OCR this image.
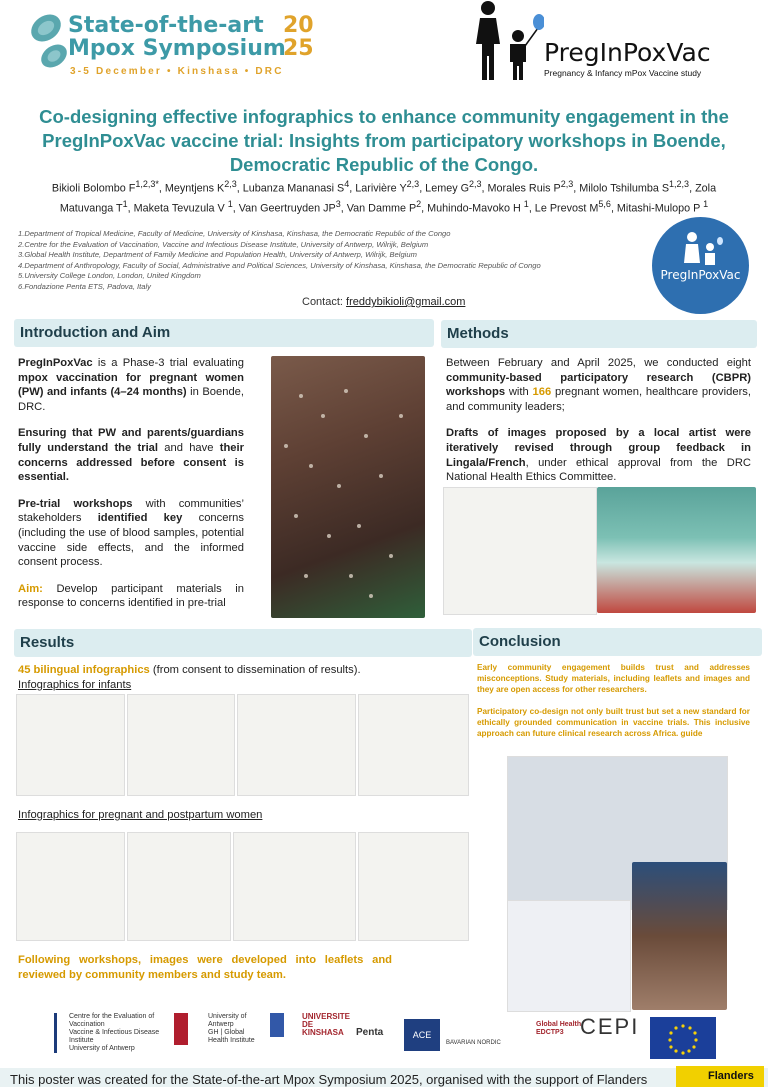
State-of-the-art
Mpox Symposium
20
25
3-5 December • Kinshasa • DRC
PregInPoxVac
Pregnancy & Infancy mPox Vaccine study
Co-designing effective infographics to enhance community engagement in the PregInPoxVac vaccine trial: Insights from participatory workshops in Boende, Democratic Republic of the Congo.
Bikioli Bolombo $F^{1,2,3*}$, Meyntjens K$^{2,3}$, Lubanza Mananasi $S^4$, Larivière Y$^{2,3}$, Lemey G$^{2,3}$, Morales Ruis P$^{2,3}$, Milolo Tshilumba S$^{1,2,3}$, Zola Matuvanga $T^1$, Maketa Tevuzula V $^1$, Van Geertruyden $JP^3$, Van Damme $P^2$, Muhindo-Mavoko H $^1$, Le Prevost M$^{5,6}$, Mitashi-Mulopo P $^1$
1.Department of Tropical Medicine, Faculty of Medicine, University of Kinshasa, Kinshasa, the Democratic Republic of the Congo
2.Centre for the Evaluation of Vaccination, Vaccine and Infectious Disease Institute, University of Antwerp, Wilrijk, Belgium
3.Global Health Institute, Department of Family Medicine and Population Health, University of Antwerp, Wilrijk, Belgium
4.Department of Anthropology, Faculty of Social, Administrative and Political Sciences, University of Kinshasa, Kinshasa, the Democratic Republic of Congo
5.University College London, London, United Kingdom
6.Fondazione Penta ETS, Padova, Italy
Contact: freddybikioli@gmail.com
PregInPoxVac
Introduction and Aim

PregInPoxVac is a Phase-3 trial evaluating mpox vaccination for pregnant women (PW) and infants (4–24 months) in Boende, DRC.

Ensuring that PW and parents/guardians fully understand the trial and have their concerns addressed before consent is essential.

Pre-trial workshops with communities’ stakeholders identified key concerns (including the use of blood samples, potential vaccine side effects, and the informed consent process.

Aim: Develop participant materials in response to concerns identified in pre-trial

Methods

Between February and April 2025, we conducted eight community-based participatory research (CBPR) workshops with 166 pregnant women, healthcare providers, and community leaders;

Drafts of images proposed by a local artist were iteratively revised through group feedback in Lingala/French, under ethical approval from the DRC National Health Ethics Committee.

Results
45 bilingual infographics (from consent to dissemination of results).
Infographics for infants
Infographics for pregnant and postpartum women
Following workshops, images were developed into leaflets and reviewed by community members and study team.
Conclusion

Early community engagement builds trust and addresses misconceptions. Study materials, including leaflets and images and they are open access for other researchers.

Participatory co-design not only built trust but set a new standard for ethically grounded communication in vaccine trials. This inclusive approach can future clinical research across Africa. guide

Centre for the Evaluation of Vaccination
Vaccine & Infectious Disease Institute
University of Antwerp
University of Antwerp
GH | Global Health Institute
UNIVERSITE
DE KINSHASA	Penta	ACE
BAVARIAN NORDIC
Global Health
EDCTP3 CEPI
This poster was created for the State-of-the-art Mpox Symposium 2025, organised with the support of Flanders	Flanders
